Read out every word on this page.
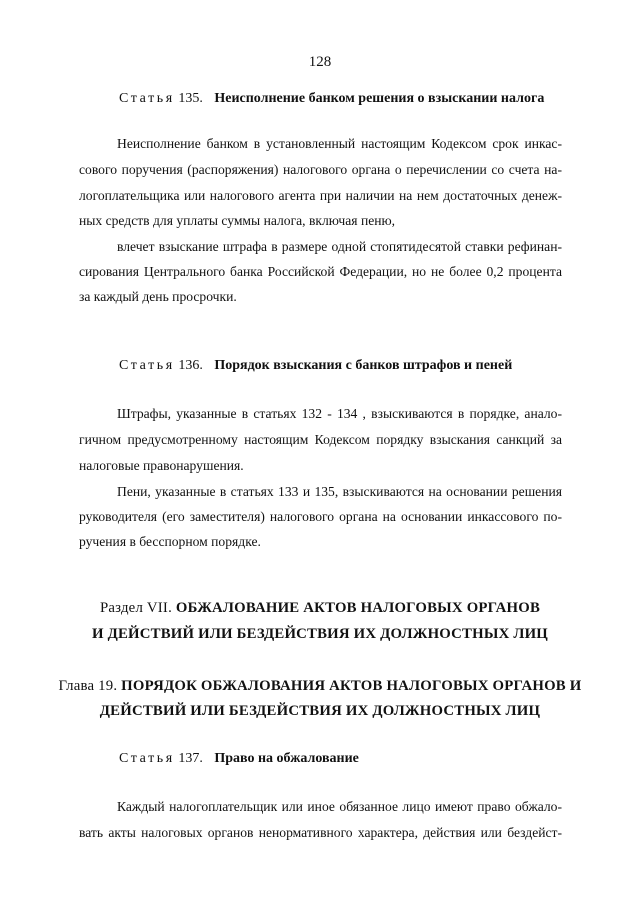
128
Статья 135. Неисполнение банком решения о взыскании налога
Неисполнение банком в установленный настоящим Кодексом срок инкас-
сового поручения (распоряжения) налогового органа о перечислении со счета на-
логоплательщика или налогового агента при наличии на нем достаточных денеж-
ных средств для уплаты суммы налога, включая пеню,
влечет взыскание штрафа в размере одной стопятидесятой ставки рефинан-
сирования Центрального банка Российской Федерации, но не более 0,2 процента
за каждый день просрочки.
Статья 136. Порядок взыскания с банков штрафов и пеней
Штрафы, указанные в статьях 132 - 134 , взыскиваются в порядке, анало-
гичном предусмотренному настоящим Кодексом порядку взыскания санкций за
налоговые правонарушения.
Пени, указанные в статьях 133 и 135, взыскиваются на основании решения
руководителя (его заместителя) налогового органа на основании инкассового по-
ручения в бесспорном порядке.
Раздел VII. ОБЖАЛОВАНИЕ АКТОВ НАЛОГОВЫХ ОРГАНОВ
И ДЕЙСТВИЙ ИЛИ БЕЗДЕЙСТВИЯ ИХ ДОЛЖНОСТНЫХ ЛИЦ
Глава 19. ПОРЯДОК ОБЖАЛОВАНИЯ АКТОВ НАЛОГОВЫХ ОРГАНОВ И
ДЕЙСТВИЙ ИЛИ БЕЗДЕЙСТВИЯ ИХ ДОЛЖНОСТНЫХ ЛИЦ
Статья 137. Право на обжалование
Каждый налогоплательщик или иное обязанное лицо имеют право обжало-
вать акты налоговых органов ненормативного характера, действия или бездейст-
